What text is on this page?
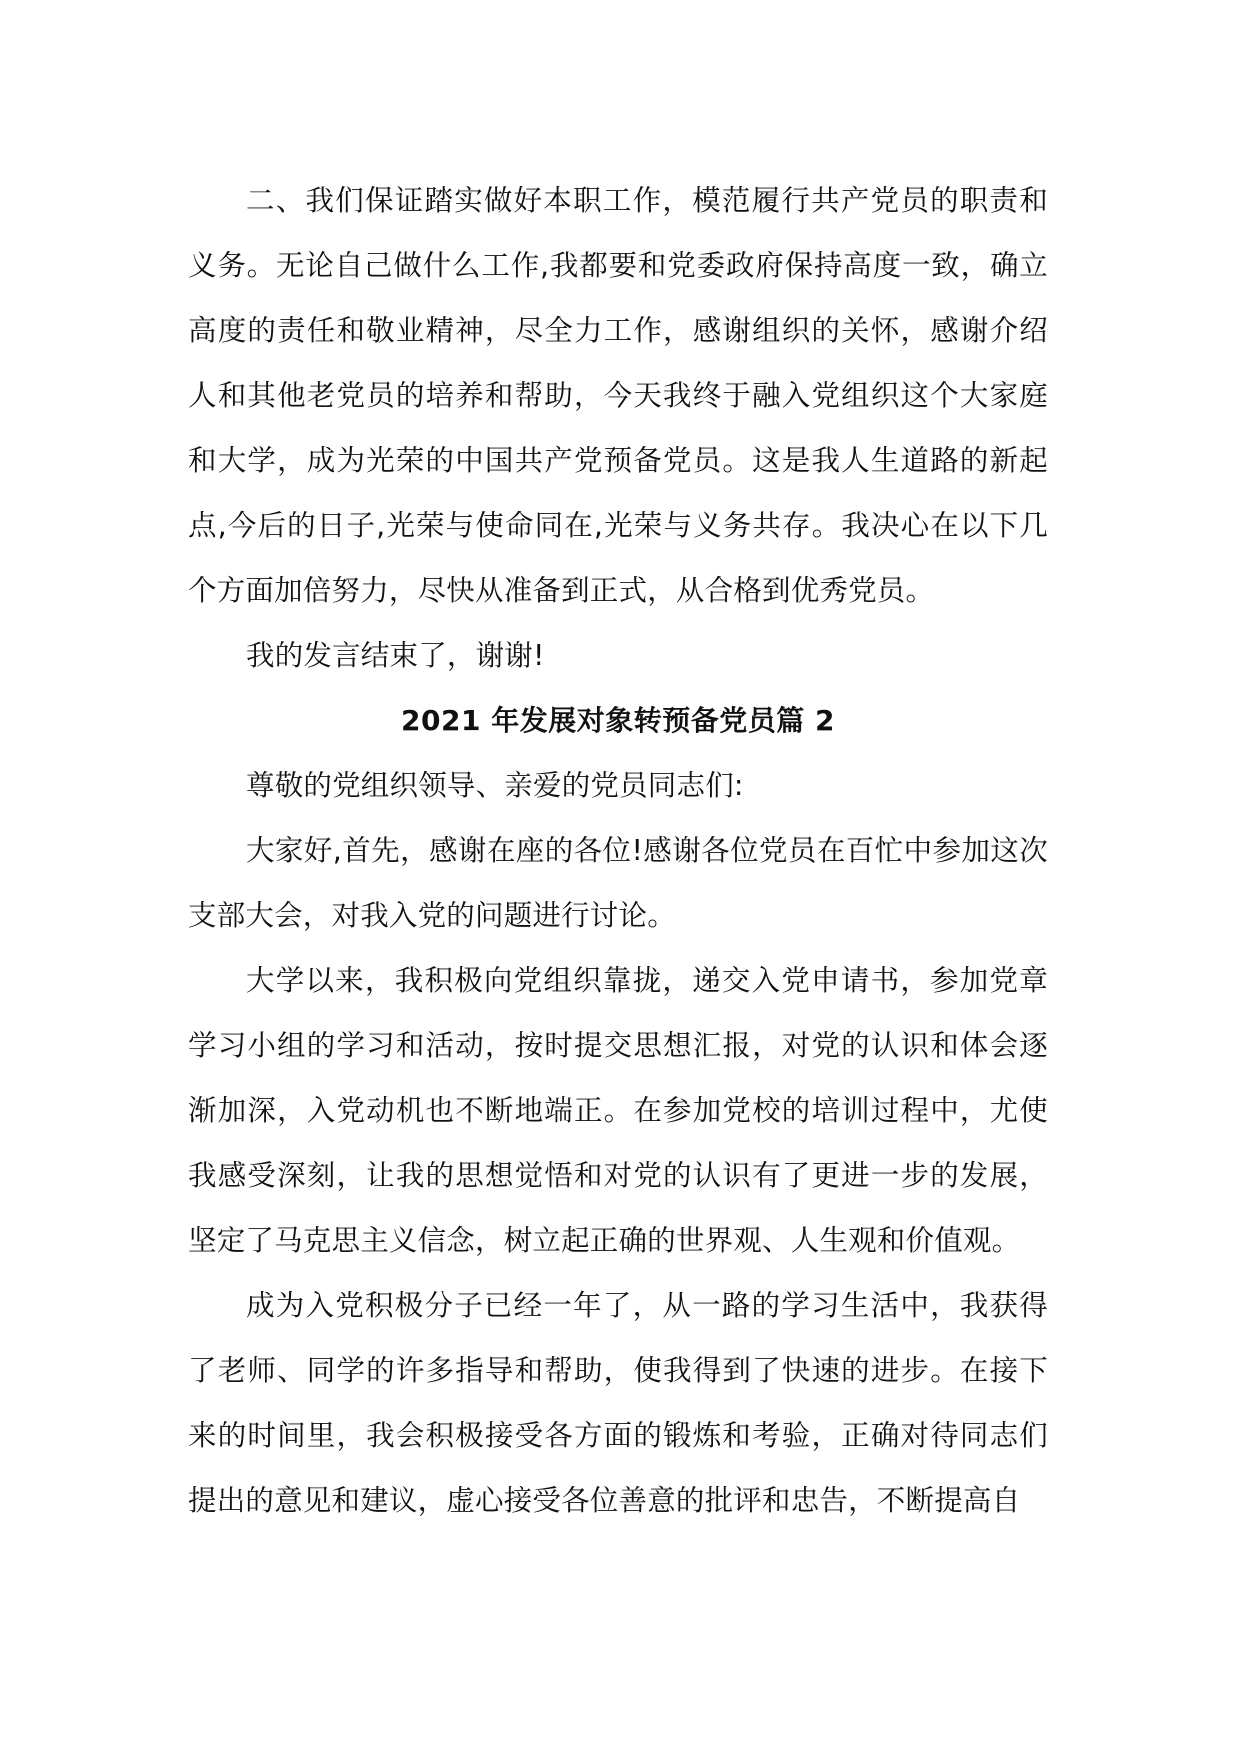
二、我们保证踏实做好本职工作，模范履行共产党员的职责和义务。无论自己做什么工作,我都要和党委政府保持高度一致，确立高度的责任和敬业精神，尽全力工作，感谢组织的关怀，感谢介绍人和其他老党员的培养和帮助，今天我终于融入党组织这个大家庭和大学，成为光荣的中国共产党预备党员。这是我人生道路的新起点,今后的日子,光荣与使命同在,光荣与义务共存。我决心在以下几个方面加倍努力，尽快从准备到正式，从合格到优秀党员。

我的发言结束了，谢谢!

2021 年发展对象转预备党员篇 2

尊敬的党组织领导、亲爱的党员同志们:

大家好,首先，感谢在座的各位!感谢各位党员在百忙中参加这次支部大会，对我入党的问题进行讨论。

大学以来，我积极向党组织靠拢，递交入党申请书，参加党章学习小组的学习和活动，按时提交思想汇报，对党的认识和体会逐渐加深，入党动机也不断地端正。在参加党校的培训过程中，尤使我感受深刻，让我的思想觉悟和对党的认识有了更进一步的发展，坚定了马克思主义信念，树立起正确的世界观、人生观和价值观。

成为入党积极分子已经一年了，从一路的学习生活中，我获得了老师、同学的许多指导和帮助，使我得到了快速的进步。在接下来的时间里，我会积极接受各方面的锻炼和考验，正确对待同志们提出的意见和建议，虚心接受各位善意的批评和忠告，不断提高自
